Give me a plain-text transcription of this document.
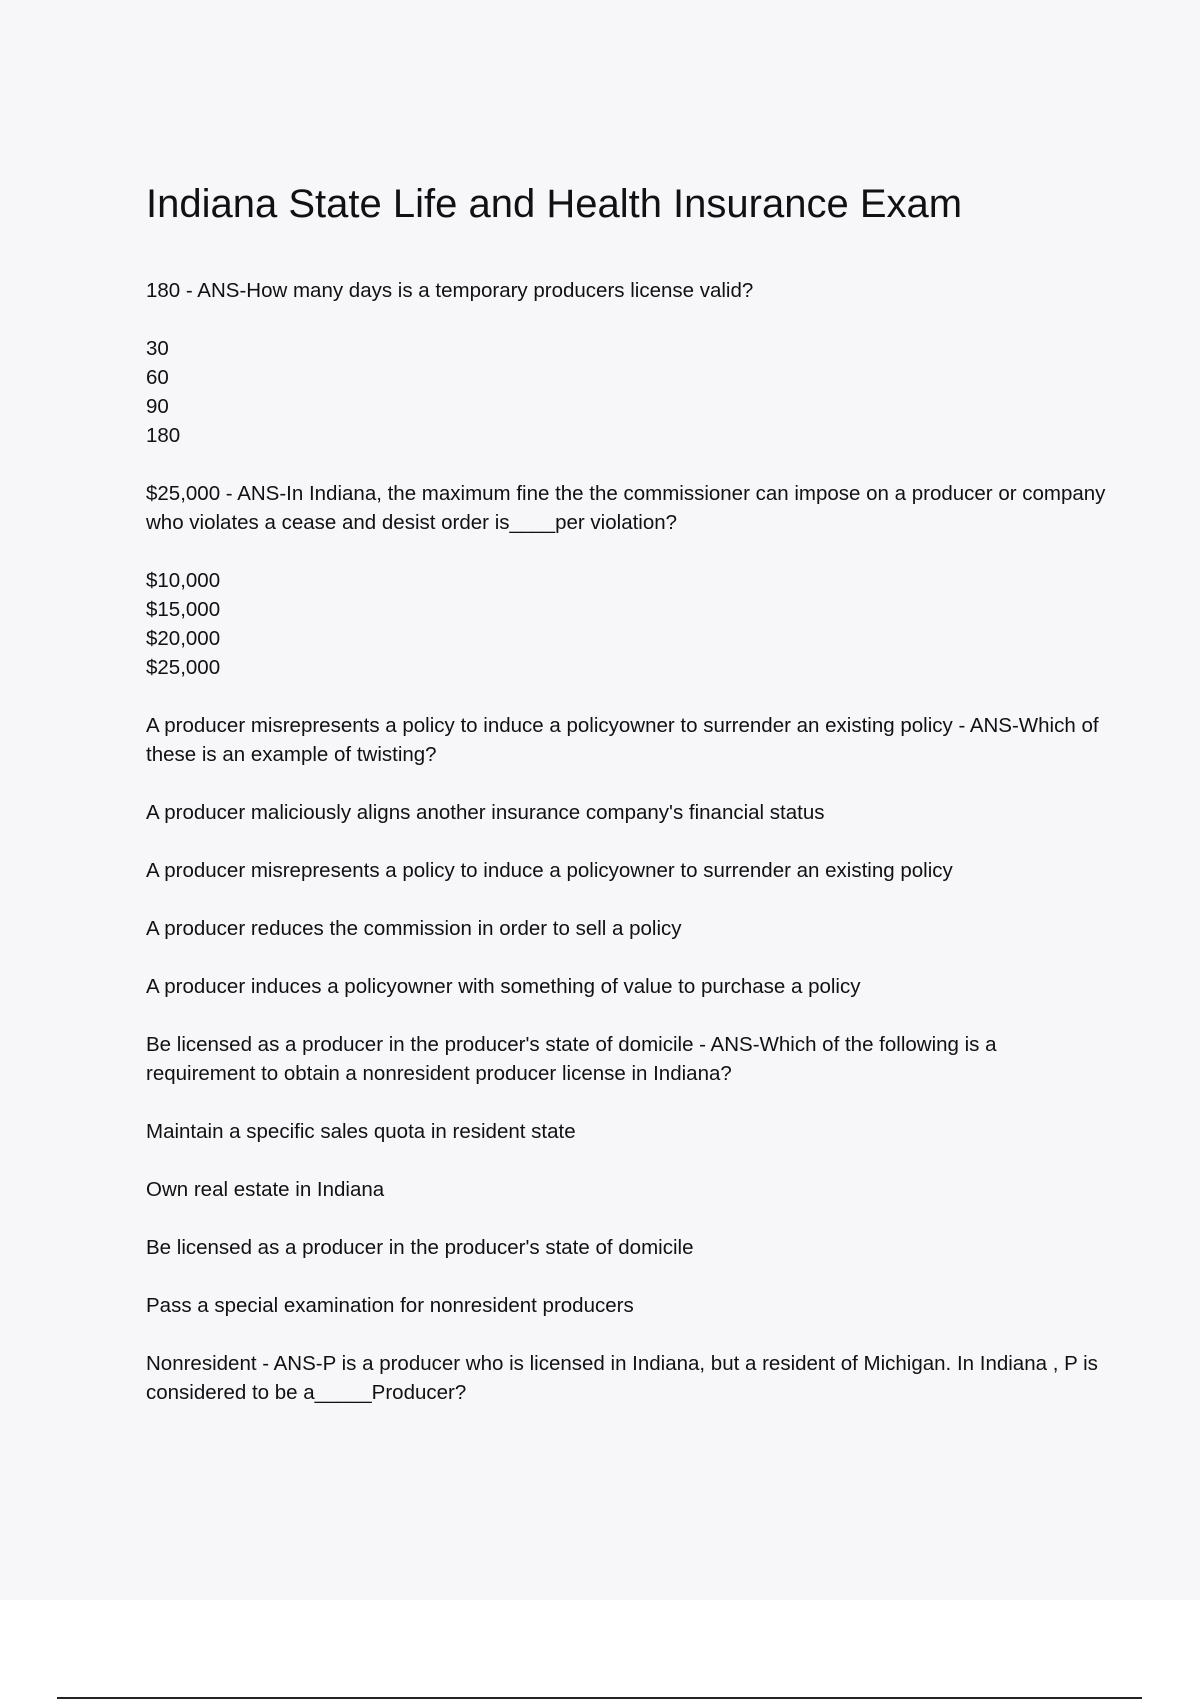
Indiana State Life and Health Insurance Exam

180 - ANS-How many days is a temporary producers license valid?

30
60
90
180

$25,000 - ANS-In Indiana, the maximum fine the the commissioner can impose on a producer or company who violates a cease and desist order is____per violation?

$10,000
$15,000
$20,000
$25,000

A producer misrepresents a policy to induce a policyowner to surrender an existing policy - ANS-Which of these is an example of twisting?

A producer maliciously aligns another insurance company's financial status

A producer misrepresents a policy to induce a policyowner to surrender an existing policy

A producer reduces the commission in order to sell a policy

A producer induces a policyowner with something of value to purchase a policy

Be licensed as a producer in the producer's state of domicile - ANS-Which of the following is a requirement to obtain a nonresident producer license in Indiana?

Maintain a specific sales quota in resident state

Own real estate in Indiana

Be licensed as a producer in the producer's state of domicile

Pass a special examination for nonresident producers

Nonresident - ANS-P is a producer who is licensed in Indiana, but a resident of Michigan. In Indiana , P is considered to be a_____Producer?
